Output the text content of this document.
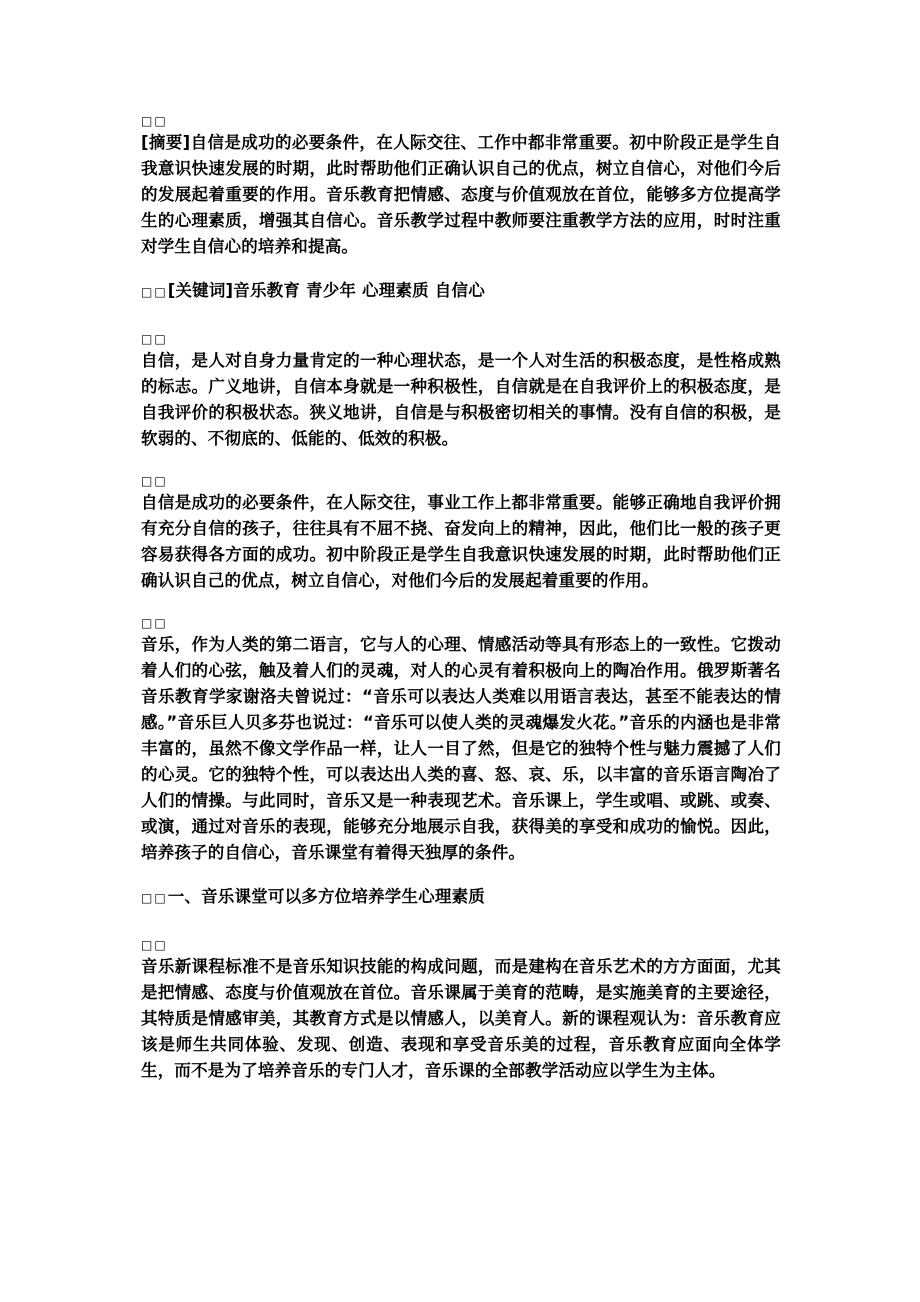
□□

[摘要]自信是成功的必要条件，在人际交往、工作中都非常重要。初中阶段正是学生自我意识快速发展的时期，此时帮助他们正确认识自己的优点，树立自信心，对他们今后的发展起着重要的作用。音乐教育把情感、态度与价值观放在首位，能够多方位提高学生的心理素质，增强其自信心。音乐教学过程中教师要注重教学方法的应用，时时注重对学生自信心的培养和提高。

□□[关键词]音乐教育 青少年 心理素质 自信心

□□

自信，是人对自身力量肯定的一种心理状态，是一个人对生活的积极态度，是性格成熟的标志。广义地讲，自信本身就是一种积极性，自信就是在自我评价上的积极态度，是自我评价的积极状态。狭义地讲，自信是与积极密切相关的事情。没有自信的积极，是软弱的、不彻底的、低能的、低效的积极。

□□

自信是成功的必要条件，在人际交往，事业工作上都非常重要。能够正确地自我评价拥有充分自信的孩子，往往具有不屈不挠、奋发向上的精神，因此，他们比一般的孩子更容易获得各方面的成功。初中阶段正是学生自我意识快速发展的时期，此时帮助他们正确认识自己的优点，树立自信心，对他们今后的发展起着重要的作用。

□□

音乐，作为人类的第二语言，它与人的心理、情感活动等具有形态上的一致性。它拨动着人们的心弦，触及着人们的灵魂，对人的心灵有着积极向上的陶冶作用。俄罗斯著名音乐教育学家谢洛夫曾说过：“音乐可以表达人类难以用语言表达，甚至不能表达的情感。”音乐巨人贝多芬也说过：“音乐可以使人类的灵魂爆发火花。”音乐的内涵也是非常丰富的，虽然不像文学作品一样，让人一目了然，但是它的独特个性与魅力震撼了人们的心灵。它的独特个性，可以表达出人类的喜、怒、哀、乐，以丰富的音乐语言陶冶了人们的情操。与此同时，音乐又是一种表现艺术。音乐课上，学生或唱、或跳、或奏、或演，通过对音乐的表现，能够充分地展示自我，获得美的享受和成功的愉悦。因此，培养孩子的自信心，音乐课堂有着得天独厚的条件。

□□一、音乐课堂可以多方位培养学生心理素质

□□

音乐新课程标准不是音乐知识技能的构成问题，而是建构在音乐艺术的方方面面，尤其是把情感、态度与价值观放在首位。音乐课属于美育的范畴，是实施美育的主要途径，其特质是情感审美，其教育方式是以情感人，以美育人。新的课程观认为：音乐教育应该是师生共同体验、发现、创造、表现和享受音乐美的过程，音乐教育应面向全体学生，而不是为了培养音乐的专门人才，音乐课的全部教学活动应以学生为主体。
